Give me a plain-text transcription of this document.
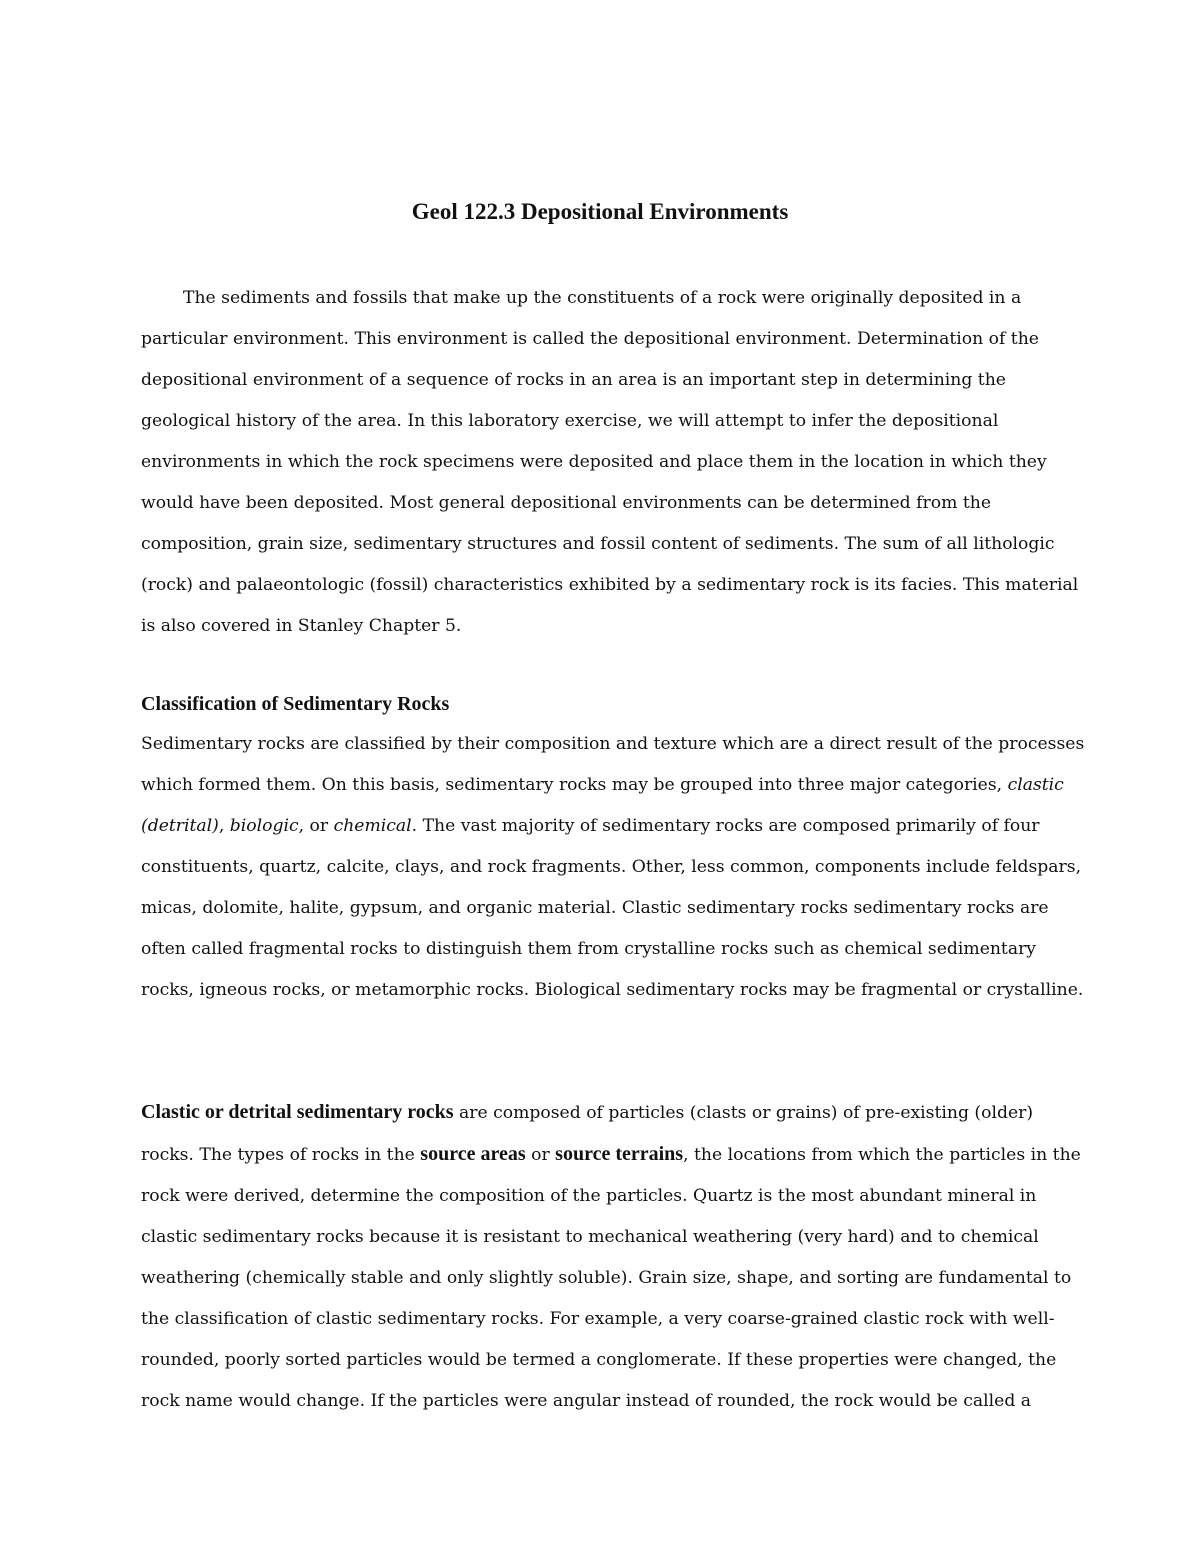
Geol 122.3 Depositional Environments

The sediments and fossils that make up the constituents of a rock were originally deposited in a particular environment. This environment is called the depositional environment. Determination of the depositional environment of a sequence of rocks in an area is an important step in determining the geological history of the area. In this laboratory exercise, we will attempt to infer the depositional environments in which the rock specimens were deposited and place them in the location in which they would have been deposited. Most general depositional environments can be determined from the composition, grain size, sedimentary structures and fossil content of sediments. The sum of all lithologic (rock) and palaeontologic (fossil) characteristics exhibited by a sedimentary rock is its facies. This material is also covered in Stanley Chapter 5.

Classification of Sedimentary Rocks

Sedimentary rocks are classified by their composition and texture which are a direct result of the processes which formed them. On this basis, sedimentary rocks may be grouped into three major categories, clastic (detrital), biologic, or chemical. The vast majority of sedimentary rocks are composed primarily of four constituents, quartz, calcite, clays, and rock fragments. Other, less common, components include feldspars, micas, dolomite, halite, gypsum, and organic material. Clastic sedimentary rocks sedimentary rocks are often called fragmental rocks to distinguish them from crystalline rocks such as chemical sedimentary rocks, igneous rocks, or metamorphic rocks. Biological sedimentary rocks may be fragmental or crystalline.

Clastic or detrital sedimentary rocks are composed of particles (clasts or grains) of pre-existing (older) rocks. The types of rocks in the source areas or source terrains, the locations from which the particles in the rock were derived, determine the composition of the particles. Quartz is the most abundant mineral in clastic sedimentary rocks because it is resistant to mechanical weathering (very hard) and to chemical weathering (chemically stable and only slightly soluble). Grain size, shape, and sorting are fundamental to the classification of clastic sedimentary rocks. For example, a very coarse-grained clastic rock with well-rounded, poorly sorted particles would be termed a conglomerate. If these properties were changed, the rock name would change. If the particles were angular instead of rounded, the rock would be called a
